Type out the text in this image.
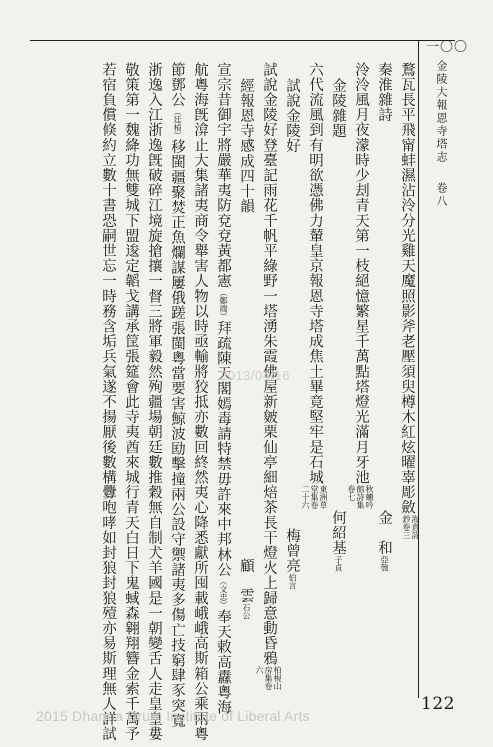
一〇〇
金陵大報恩寺塔志卷八
鶩瓦長平飛甯蚌濕沾泠分光雞天魔照影斧老壓須臾樽木紅炫曜辜彫斂海倉詩鈔卷三
秦淮雜詩
金　和亞匏
泠泠風月夜濛時少刦青天第一枝絕憶繁星千萬點塔燈光滿月牙池秋蟪吟館詩集卷七
金陵雜題
何紹基子貞
六代流風到有明欲憑佛力輦皇京報恩寺塔成焦土畢竟堅牢是石城東洲草堂集卷二十六
試說金陵好
梅曾亮伯言
試說金陵好登臺記雨花千帆平綠野一塔湧朱霞佛屋新皴栗仙亭細焙茶長干燈火上歸意動昏鴉柏梘山房集卷六
經報恩寺感成四十韻
顧　雲石公
宣宗昔御宇將嚴華夷防兗兗黃都憲（鄭端）拜疏陳天閣嫣毒請特禁毋許來中邦林公（文忠）奉天敕高纛粵海
航粵海旣渰止大集諸夷商令舉害人物以時亟輸將狡抵亦數回終然夷心降悉獻所囤載峨峨高斯箱公乘兩粵
節鄧公（廷楨）移閩疆聚焚正魚爛謀屢俄蹉張閩粵當要害鯨波劻擊撞兩公設守禦諸夷多傷亡技窮肆豕突寬
浙逸入江浙逸旣破碎江境旋搶攘一督三將軍毅然殉疆場朝廷數推穀無自制犬羊國是一朝變舌人走皇皇婁
敬策第一魏絳功無雙城下盟逡定韜戈講承筐張筵會此寺夷酋來城行青天白日下鬼蜮森翱翔簪金索千萬予
若宿負償倏約立數十書恐嗣世忘一時務含垢兵氣遂不揚厭後數構釁咆哮如封狼封狼殪亦易斯理無人詳試	2013/04/16
122
2015 Dharma Drum Institute of Liberal Arts
